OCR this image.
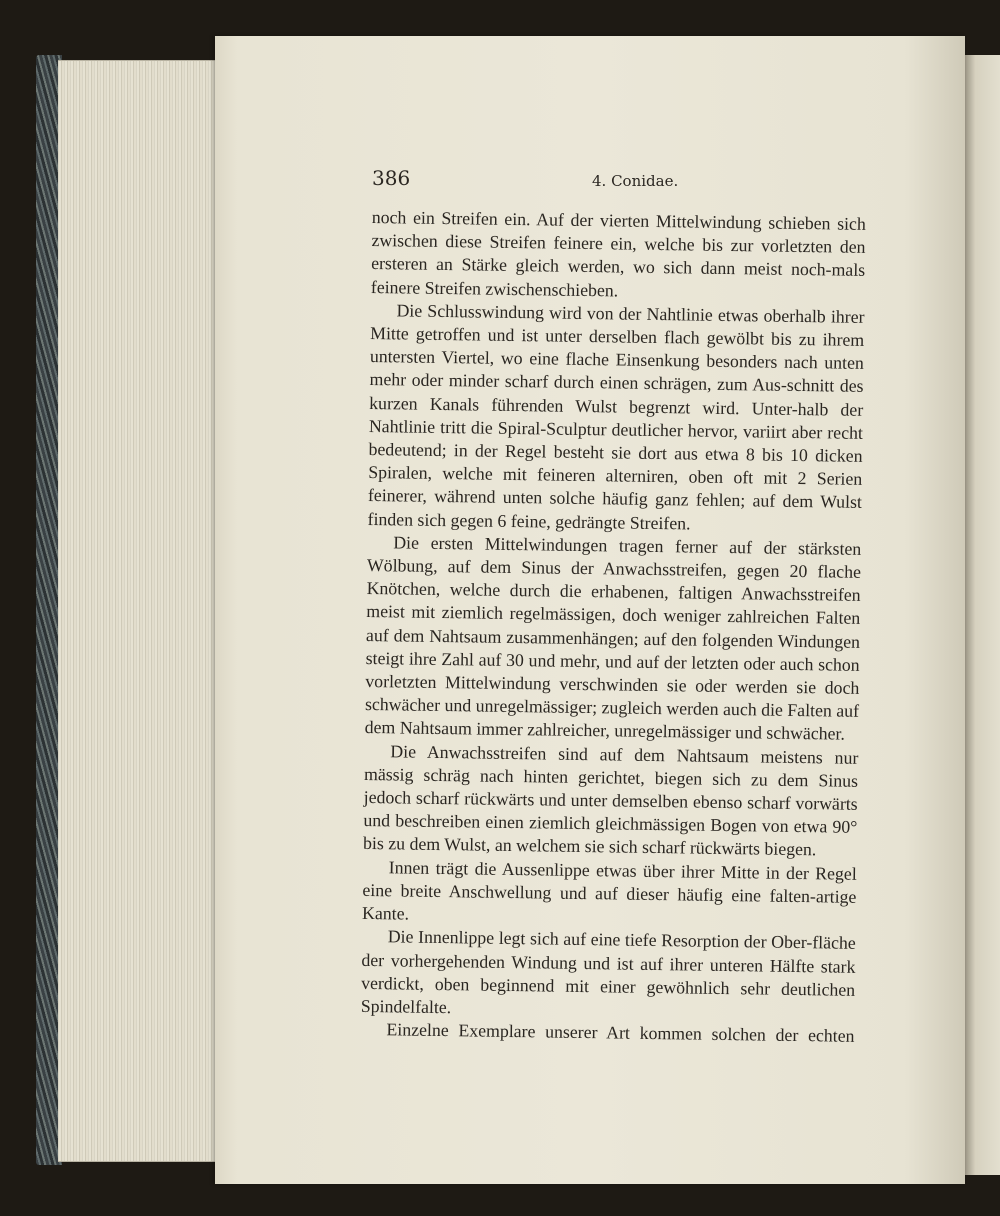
386	4. Conidae.

noch ein Streifen ein. Auf der vierten Mittelwindung schieben sich zwischen diese Streifen feinere ein, welche bis zur vorletzten den ersteren an Stärke gleich werden, wo sich dann meist noch-mals feinere Streifen zwischenschieben.

Die Schlusswindung wird von der Nahtlinie etwas oberhalb ihrer Mitte getroffen und ist unter derselben flach gewölbt bis zu ihrem untersten Viertel, wo eine flache Einsenkung besonders nach unten mehr oder minder scharf durch einen schrägen, zum Aus-schnitt des kurzen Kanals führenden Wulst begrenzt wird. Unter-halb der Nahtlinie tritt die Spiral-Sculptur deutlicher hervor, variirt aber recht bedeutend; in der Regel besteht sie dort aus etwa 8 bis 10 dicken Spiralen, welche mit feineren alterniren, oben oft mit 2 Serien feinerer, während unten solche häufig ganz fehlen; auf dem Wulst finden sich gegen 6 feine, gedrängte Streifen.

Die ersten Mittelwindungen tragen ferner auf der stärksten Wölbung, auf dem Sinus der Anwachsstreifen, gegen 20 flache Knötchen, welche durch die erhabenen, faltigen Anwachsstreifen meist mit ziemlich regelmässigen, doch weniger zahlreichen Falten auf dem Nahtsaum zusammenhängen; auf den folgenden Windungen steigt ihre Zahl auf 30 und mehr, und auf der letzten oder auch schon vorletzten Mittelwindung verschwinden sie oder werden sie doch schwächer und unregelmässiger; zugleich werden auch die Falten auf dem Nahtsaum immer zahlreicher, unregelmässiger und schwächer.

Die Anwachsstreifen sind auf dem Nahtsaum meistens nur mässig schräg nach hinten gerichtet, biegen sich zu dem Sinus jedoch scharf rückwärts und unter demselben ebenso scharf vorwärts und beschreiben einen ziemlich gleichmässigen Bogen von etwa 90° bis zu dem Wulst, an welchem sie sich scharf rückwärts biegen.

Innen trägt die Aussenlippe etwas über ihrer Mitte in der Regel eine breite Anschwellung und auf dieser häufig eine falten-artige Kante.

Die Innenlippe legt sich auf eine tiefe Resorption der Ober-fläche der vorhergehenden Windung und ist auf ihrer unteren Hälfte stark verdickt, oben beginnend mit einer gewöhnlich sehr deutlichen Spindelfalte.

Einzelne Exemplare unserer Art kommen solchen der echten
